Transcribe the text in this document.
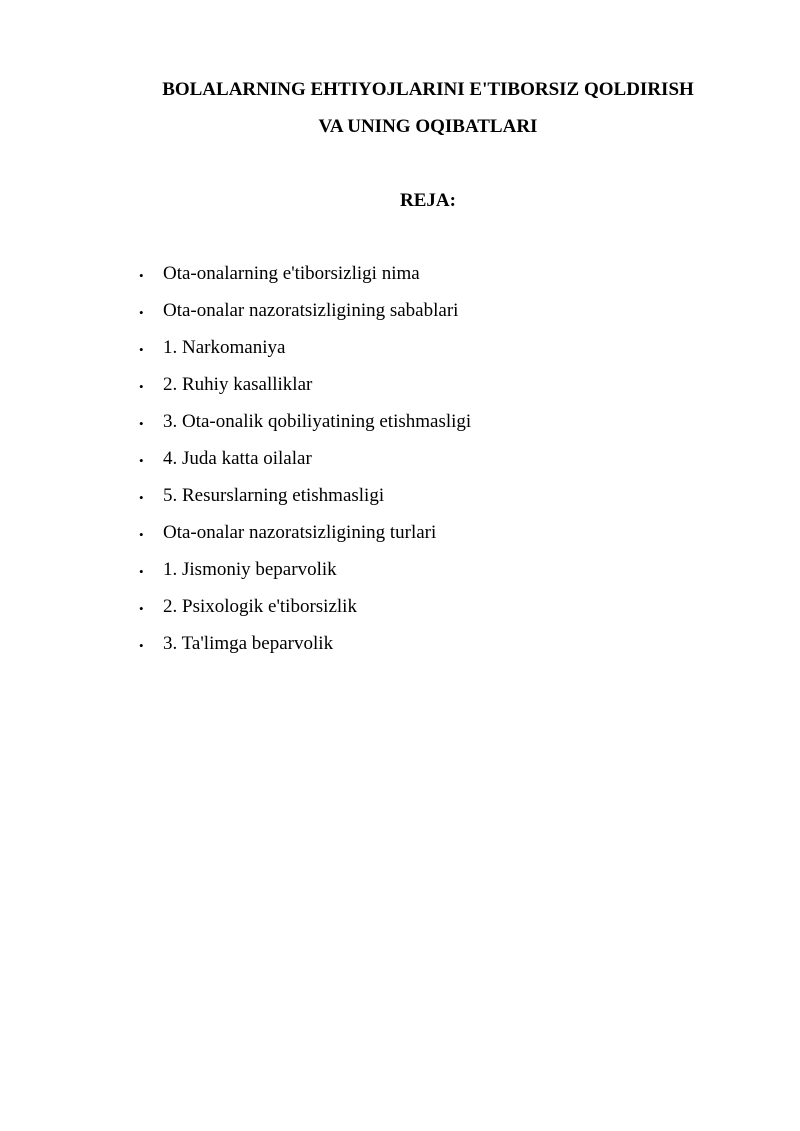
BOLALARNING EHTIYOJLARINI E'TIBORSIZ QOLDIRISH
VA UNING OQIBATLARI
REJA:
• Ota-onalarning e'tiborsizligi nima
• Ota-onalar nazoratsizligining sabablari
• 1. Narkomaniya
• 2. Ruhiy kasalliklar
• 3. Ota-onalik qobiliyatining etishmasligi
• 4. Juda katta oilalar
• 5. Resurslarning etishmasligi
• Ota-onalar nazoratsizligining turlari
• 1. Jismoniy beparvolik
• 2. Psixologik e'tiborsizlik
• 3. Ta'limga beparvolik
